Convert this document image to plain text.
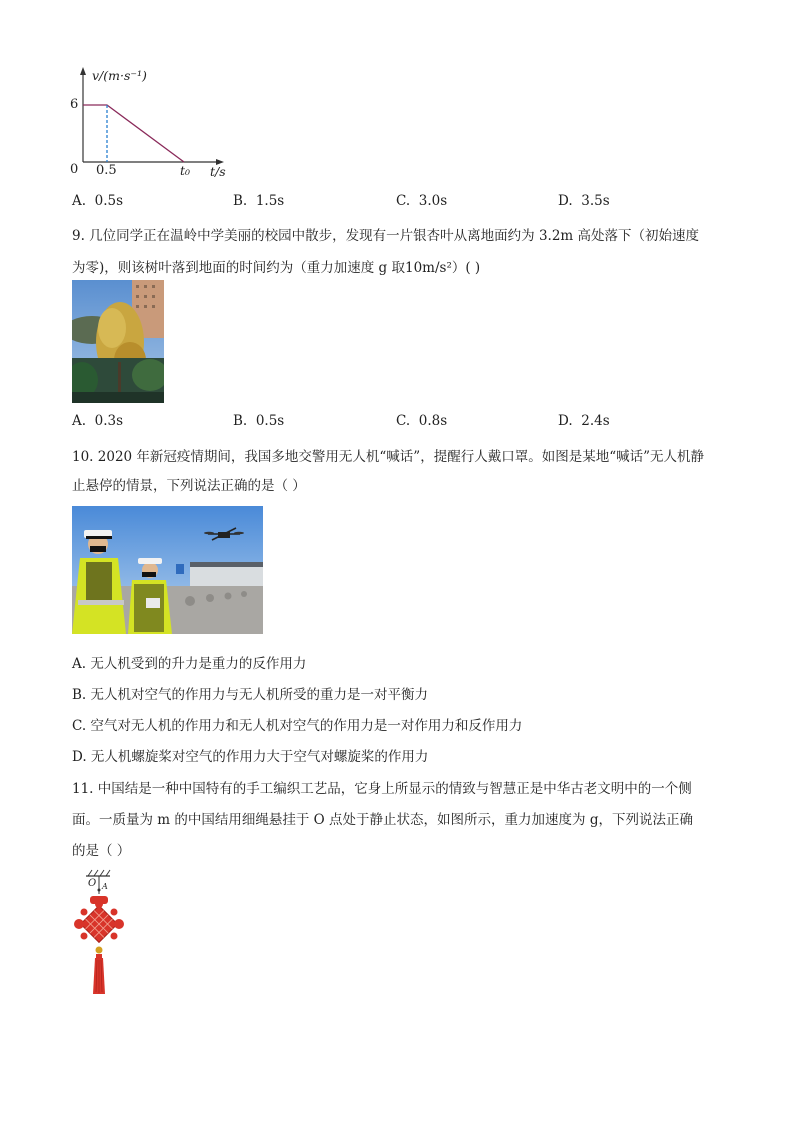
v/(m·s⁻¹)
6
0 0.5	t₀ t/s
A. 0.5s	B. 1.5s	C. 3.0s	D. 3.5s
9. 几位同学正在温岭中学美丽的校园中散步，发现有一片银杏叶从离地面约为 3.2m 高处落下（初始速度
为零)，则该树叶落到地面的时间约为（重力加速度 g 取10m/s²）( )
A. 0.3s	B. 0.5s	C. 0.8s	D. 2.4s
10. 2020 年新冠疫情期间，我国多地交警用无人机“喊话”，提醒行人戴口罩。如图是某地“喊话”无人机静
止悬停的情景，下列说法正确的是（ ）
A. 无人机受到的升力是重力的反作用力
B. 无人机对空气的作用力与无人机所受的重力是一对平衡力
C. 空气对无人机的作用力和无人机对空气的作用力是一对作用力和反作用力
D. 无人机螺旋桨对空气的作用力大于空气对螺旋桨的作用力
11. 中国结是一种中国特有的手工编织工艺品，它身上所显示的情致与智慧正是中华古老文明中的一个侧
面。一质量为 m 的中国结用细绳悬挂于 O 点处于静止状态，如图所示，重力加速度为 g，下列说法正确
的是（ ）
O A
